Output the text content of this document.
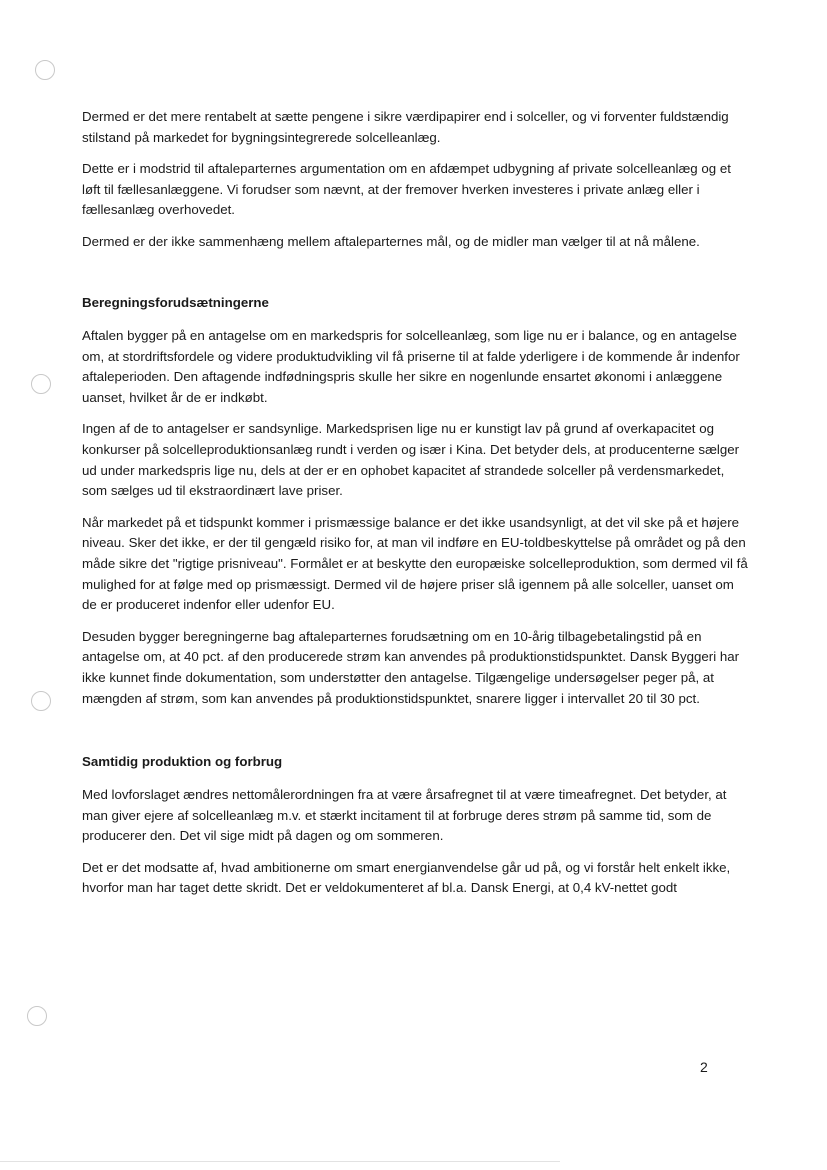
Dermed er det mere rentabelt at sætte pengene i sikre værdipapirer end i solceller, og vi forventer fuldstændig stilstand på markedet for bygningsintegrerede solcelleanlæg.

Dette er i modstrid til aftaleparternes argumentation om en afdæmpet udbygning af private solcelleanlæg og et løft til fællesanlæggene. Vi forudser som nævnt, at der fremover hverken investeres i private anlæg eller i fællesanlæg overhovedet.

Dermed er der ikke sammenhæng mellem aftaleparternes mål, og de midler man vælger til at nå målene.

Beregningsforudsætningerne

Aftalen bygger på en antagelse om en markedspris for solcelleanlæg, som lige nu er i balance, og en antagelse om, at stordriftsfordele og videre produktudvikling vil få priserne til at falde yderligere i de kommende år indenfor aftaleperioden. Den aftagende indfødningspris skulle her sikre en nogenlunde ensartet økonomi i anlæggene uanset, hvilket år de er indkøbt.

Ingen af de to antagelser er sandsynlige. Markedsprisen lige nu er kunstigt lav på grund af overkapacitet og konkurser på solcelleproduktionsanlæg rundt i verden og især i Kina. Det betyder dels, at producenterne sælger ud under markedspris lige nu, dels at der er en ophobet kapacitet af strandede solceller på verdensmarkedet, som sælges ud til ekstraordinært lave priser.

Når markedet på et tidspunkt kommer i prismæssige balance er det ikke usandsynligt, at det vil ske på et højere niveau. Sker det ikke, er der til gengæld risiko for, at man vil indføre en EU-toldbeskyttelse på området og på den måde sikre det "rigtige prisniveau". Formålet er at beskytte den europæiske solcelleproduktion, som dermed vil få mulighed for at følge med op prismæssigt. Dermed vil de højere priser slå igennem på alle solceller, uanset om de er produceret indenfor eller udenfor EU.

Desuden bygger beregningerne bag aftaleparternes forudsætning om en 10-årig tilbagebetalingstid på en antagelse om, at 40 pct. af den producerede strøm kan anvendes på produktionstidspunktet. Dansk Byggeri har ikke kunnet finde dokumentation, som understøtter den antagelse. Tilgængelige undersøgelser peger på, at mængden af strøm, som kan anvendes på produktionstidspunktet, snarere ligger i intervallet 20 til 30 pct.

Samtidig produktion og forbrug

Med lovforslaget ændres nettomålerordningen fra at være årsafregnet til at være timeafregnet. Det betyder, at man giver ejere af solcelleanlæg m.v. et stærkt incitament til at forbruge deres strøm på samme tid, som de producerer den. Det vil sige midt på dagen og om sommeren.

Det er det modsatte af, hvad ambitionerne om smart energianvendelse går ud på, og vi forstår helt enkelt ikke, hvorfor man har taget dette skridt. Det er veldokumenteret af bl.a. Dansk Energi, at 0,4 kV-nettet godt

2
